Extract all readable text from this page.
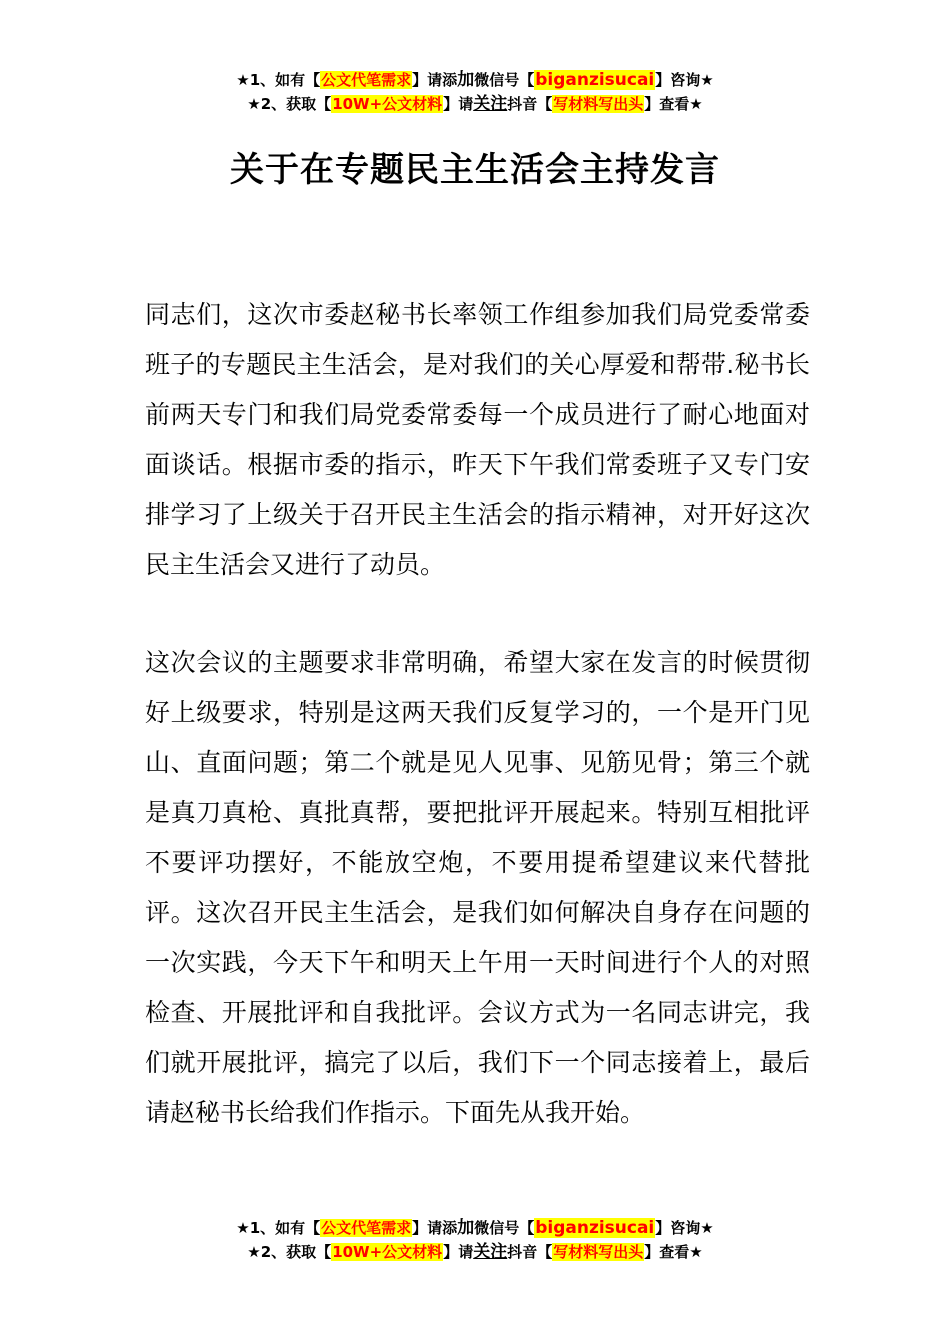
★1、如有【公文代笔需求】请添加微信号【biganzisucai】咨询★
★2、获取【10W+公文材料】请关注抖音【写材料写出头】查看★
关于在专题民主生活会主持发言
同志们，这次市委赵秘书长率领工作组参加我们局党委常委班子的专题民主生活会，是对我们的关心厚爱和帮带.秘书长前两天专门和我们局党委常委每一个成员进行了耐心地面对面谈话。根据市委的指示，昨天下午我们常委班子又专门安排学习了上级关于召开民主生活会的指示精神，对开好这次民主生活会又进行了动员。
这次会议的主题要求非常明确，希望大家在发言的时候贯彻好上级要求，特别是这两天我们反复学习的，一个是开门见山、直面问题；第二个就是见人见事、见筋见骨；第三个就是真刀真枪、真批真帮，要把批评开展起来。特别互相批评不要评功摆好，不能放空炮，不要用提希望建议来代替批评。这次召开民主生活会，是我们如何解决自身存在问题的一次实践，今天下午和明天上午用一天时间进行个人的对照检查、开展批评和自我批评。会议方式为一名同志讲完，我们就开展批评，搞完了以后，我们下一个同志接着上，最后请赵秘书长给我们作指示。下面先从我开始。
★1、如有【公文代笔需求】请添加微信号【biganzisucai】咨询★
★2、获取【10W+公文材料】请关注抖音【写材料写出头】查看★
